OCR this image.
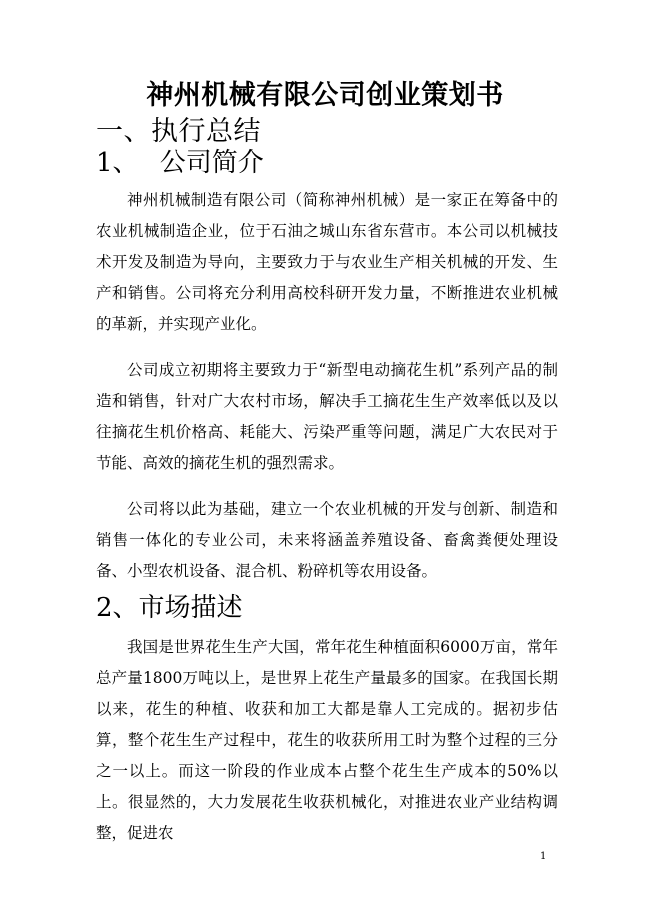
神州机械有限公司创业策划书
一、执行总结
1、　 公司简介
神州机械制造有限公司（简称神州机械）是一家正在筹备中的农业机械制造企业，位于石油之城山东省东营市。本公司以机械技术开发及制造为导向，主要致力于与农业生产相关机械的开发、生产和销售。公司将充分利用高校科研开发力量，不断推进农业机械的革新，并实现产业化。
公司成立初期将主要致力于“新型电动摘花生机”系列产品的制造和销售，针对广大农村市场，解决手工摘花生生产效率低以及以往摘花生机价格高、耗能大、污染严重等问题，满足广大农民对于节能、高效的摘花生机的强烈需求。
公司将以此为基础，建立一个农业机械的开发与创新、制造和销售一体化的专业公司，未来将涵盖养殖设备、畜禽粪便处理设备、小型农机设备、混合机、粉碎机等农用设备。
2、市场描述
我国是世界花生生产大国，常年花生种植面积6000万亩，常年总产量1800万吨以上，是世界上花生产量最多的国家。在我国长期以来，花生的种植、收获和加工大都是靠人工完成的。据初步估算，整个花生生产过程中，花生的收获所用工时为整个过程的三分之一以上。而这一阶段的作业成本占整个花生生产成本的50%以上。很显然的，大力发展花生收获机械化，对推进农业产业结构调整，促进农
1
